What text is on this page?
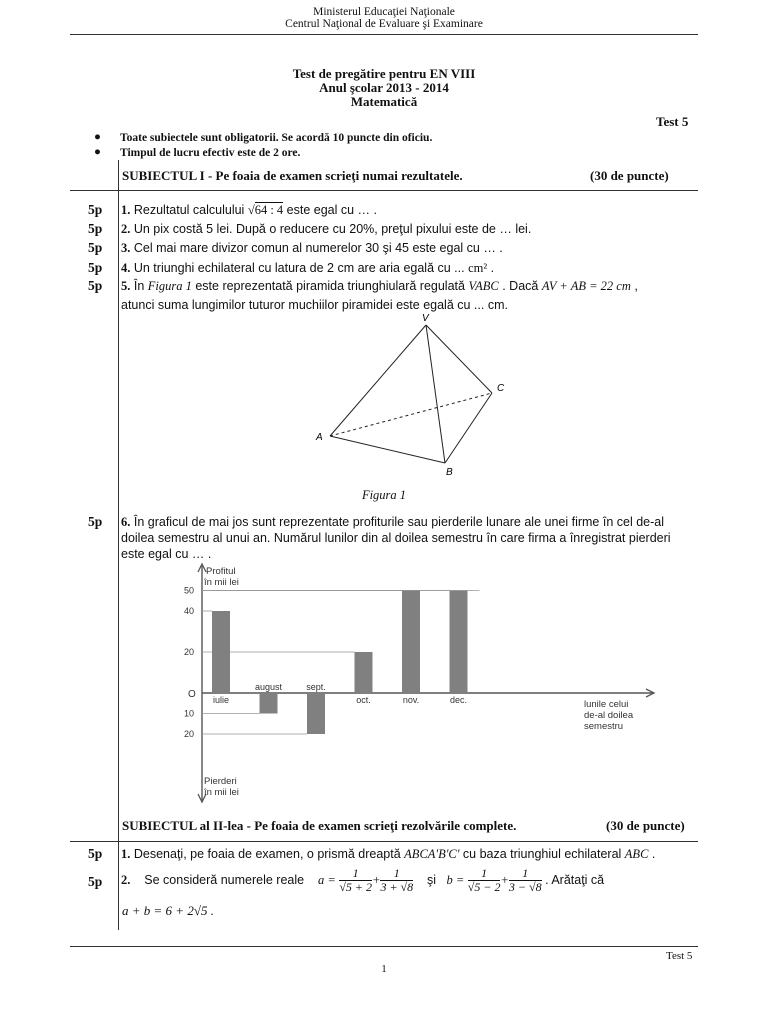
Ministerul Educaţiei Naţionale
Centrul Naţional de Evaluare şi Examinare
Test de pregătire pentru EN VIII
Anul şcolar 2013 - 2014
Matematică
Test 5
● Toate subiectele sunt obligatorii. Se acordă 10 puncte din oficiu.
● Timpul de lucru efectiv este de 2 ore.
SUBIECTUL I - Pe foaia de examen scrieţi numai rezultatele.	(30 de puncte)
5p	1. Rezultatul calculului √64 : 4 este egal cu … .
5p	2. Un pix costă 5 lei. După o reducere cu 20%, preţul pixului este de … lei.
5p	3. Cel mai mare divizor comun al numerelor 30 şi 45 este egal cu … .
5p	4. Un triunghi echilateral cu latura de 2 cm are aria egală cu ... cm² .
5p	5. În Figura 1 este reprezentată piramida triunghiulară regulată VABC . Dacă AV + AB = 22 cm ,
atunci suma lungimilor tuturor muchiilor piramidei este egală cu ... cm.
V
A
B
C
Figura 1
5p	6. În graficul de mai jos sunt reprezentate profiturile sau pierderile lunare ale unei firme în cel de-al
doilea semestru al unui an. Numărul lunilor din al doilea semestru în care firma a înregistrat pierderi
este egal cu … .
Profitul
în mii lei
Pierderi
în mii lei
lunile celui
de-al doilea
semestru
O
50
40
20
10
20
iulie
august	sept.
oct.	nov.	dec.
SUBIECTUL al II-lea - Pe foaia de examen scrieţi rezolvările complete.	(30 de puncte)
5p	1. Desenaţi, pe foaia de examen, o prismă dreaptă ABCA'B'C' cu baza triunghiul echilateral ABC .
5p	2.
Se consideră numerele reale
a =
$\frac{1}{√5 + 2} + \frac{1}{3 + √8}$
şi
b =
$\frac{1}{√5 - 2} + \frac{1}{3 - √8}$
. Arătaţi că
a + b = 6 + 2√5 .
Test 5
1
